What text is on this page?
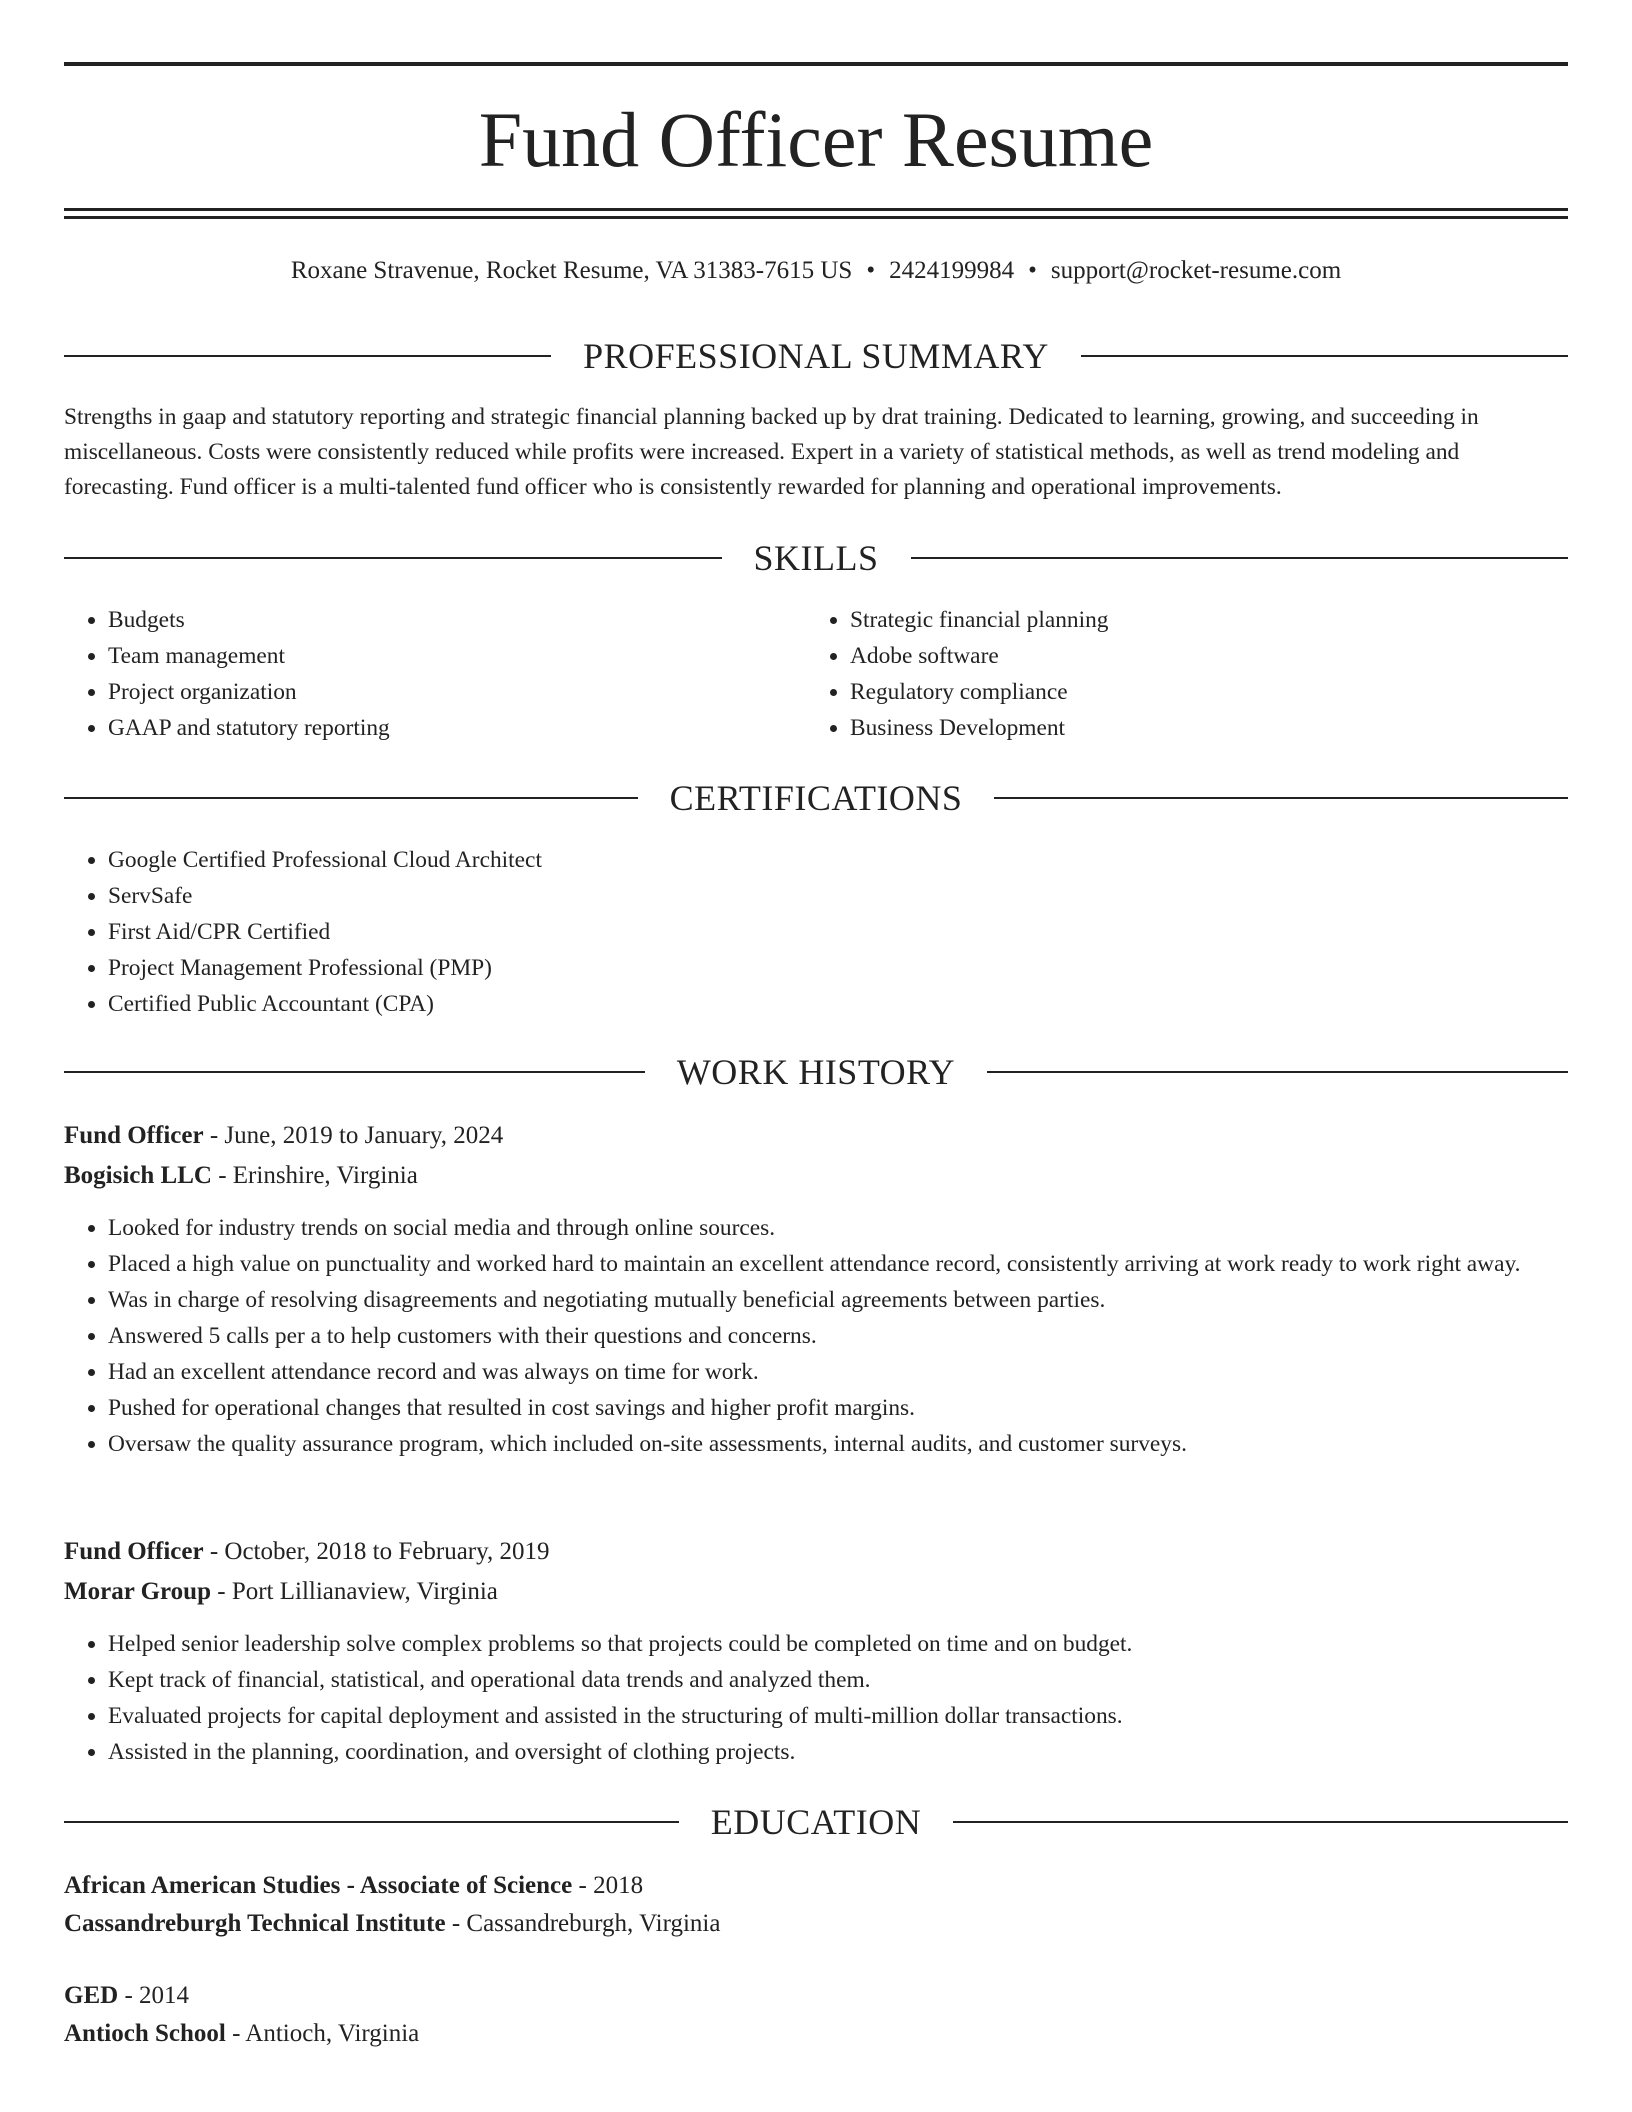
Fund Officer Resume
Roxane Stravenue, Rocket Resume, VA 31383-7615 US • 2424199984 • support@rocket-resume.com
PROFESSIONAL SUMMARY

Strengths in gaap and statutory reporting and strategic financial planning backed up by drat training. Dedicated to learning, growing, and succeeding in miscellaneous. Costs were consistently reduced while profits were increased. Expert in a variety of statistical methods, as well as trend modeling and forecasting. Fund officer is a multi-talented fund officer who is consistently rewarded for planning and operational improvements.

SKILLS
• Budgets
• Team management
• Project organization
• GAAP and statutory reporting
• Strategic financial planning
• Adobe software
• Regulatory compliance
• Business Development
CERTIFICATIONS
• Google Certified Professional Cloud Architect
• ServSafe
• First Aid/CPR Certified
• Project Management Professional (PMP)
• Certified Public Accountant (CPA)
WORK HISTORY
Fund Officer - June, 2019 to January, 2024
Bogisich LLC - Erinshire, Virginia
• Looked for industry trends on social media and through online sources.
• Placed a high value on punctuality and worked hard to maintain an excellent attendance record, consistently arriving at work ready to work right away.
• Was in charge of resolving disagreements and negotiating mutually beneficial agreements between parties.
• Answered 5 calls per a to help customers with their questions and concerns.
• Had an excellent attendance record and was always on time for work.
• Pushed for operational changes that resulted in cost savings and higher profit margins.
• Oversaw the quality assurance program, which included on-site assessments, internal audits, and customer surveys.
Fund Officer - October, 2018 to February, 2019
Morar Group - Port Lillianaview, Virginia
• Helped senior leadership solve complex problems so that projects could be completed on time and on budget.
• Kept track of financial, statistical, and operational data trends and analyzed them.
• Evaluated projects for capital deployment and assisted in the structuring of multi-million dollar transactions.
• Assisted in the planning, coordination, and oversight of clothing projects.
EDUCATION
African American Studies - Associate of Science - 2018
Cassandreburgh Technical Institute - Cassandreburgh, Virginia
GED - 2014
Antioch School - Antioch, Virginia
